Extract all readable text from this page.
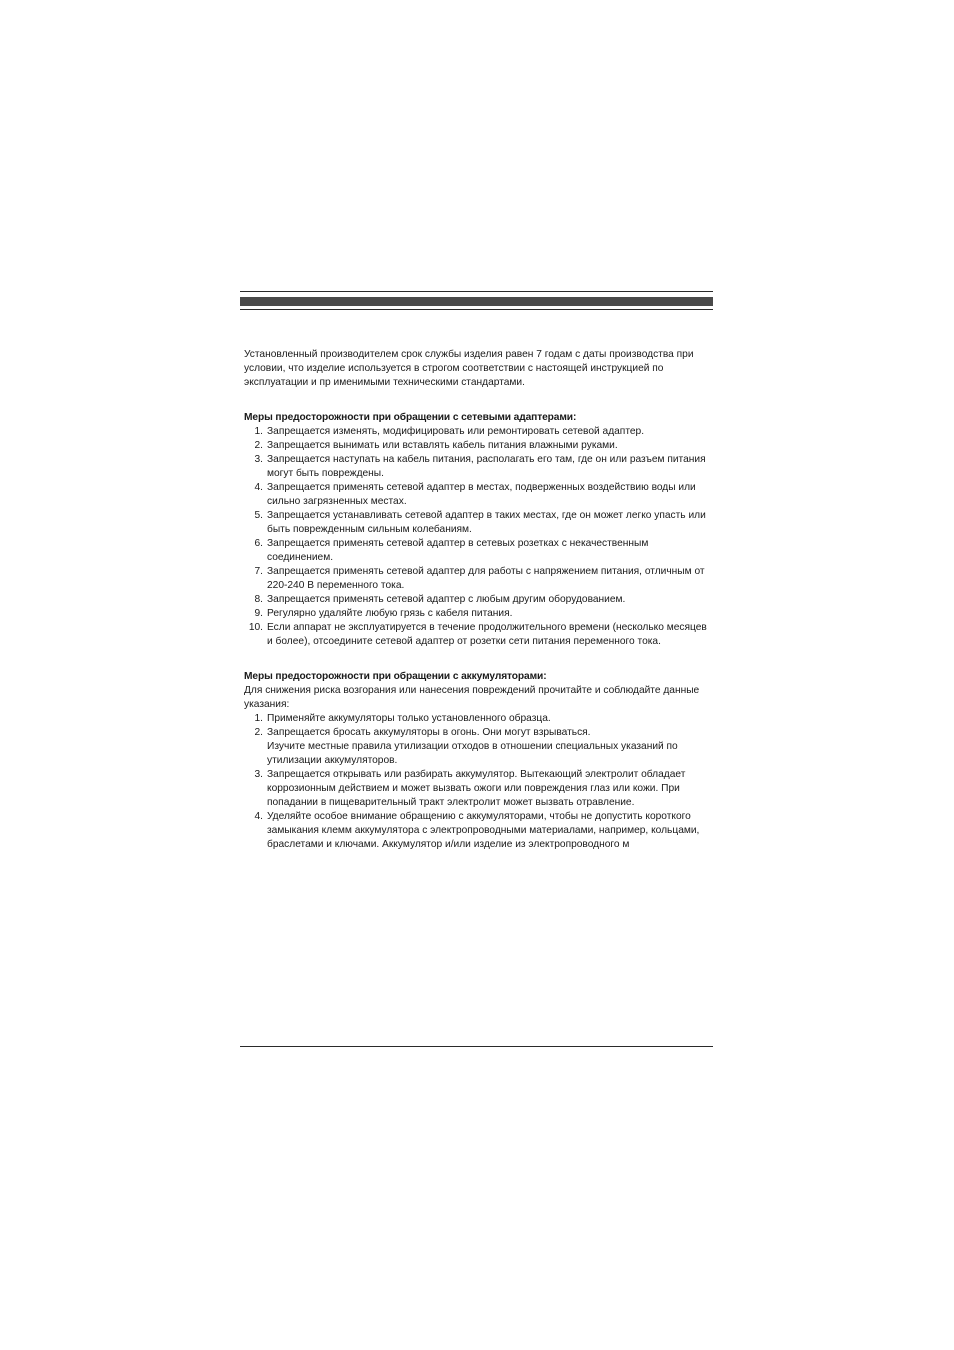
Установленный производителем срок службы изделия равен 7 годам с даты производства при условии, что изделие используется в строгом соответствии с настоящей инструкцией по эксплуатации и пр именимыми техническими стандартами.

Меры предосторожности при обращении с сетевыми адаптерами:

1. Запрещается изменять, модифицировать или ремонтировать сетевой адаптер.
2. Запрещается вынимать или вставлять кабель питания влажными руками.
3. Запрещается наступать на кабель питания, располагать его там, где он или разъем питания могут быть повреждены.
4. Запрещается применять сетевой адаптер в местах, подверженных воздействию воды или сильно загрязненных местах.
5. Запрещается устанавливать сетевой адаптер в таких местах, где он может легко упасть или быть поврежденным сильным колебаниям.
6. Запрещается применять сетевой адаптер в сетевых розетках с некачественным соединением.
7. Запрещается применять сетевой адаптер для работы с напряжением питания, отличным от 220-240 В переменного тока.
8. Запрещается применять сетевой адаптер с любым другим оборудованием.
9. Регулярно удаляйте любую грязь с кабеля питания.
10. Если аппарат не эксплуатируется в течение продолжительного времени (несколько месяцев и более), отсоедините сетевой адаптер от розетки сети питания переменного тока.

Меры предосторожности при обращении с аккумуляторами:

Для снижения риска возгорания или нанесения повреждений прочитайте и соблюдайте данные указания:

1. Применяйте аккумуляторы только установленного образца.
2. Запрещается бросать аккумуляторы в огонь. Они могут взрываться.
Изучите местные правила утилизации отходов в отношении специальных указаний по утилизации аккумуляторов.
3. Запрещается открывать или разбирать аккумулятор. Вытекающий электролит обладает коррозионным действием и может вызвать ожоги или повреждения глаз или кожи. При попадании в пищеварительный тракт электролит может вызвать отравление.
4. Уделяйте особое внимание обращению с аккумуляторами, чтобы не допустить короткого замыкания клемм аккумулятора с электропроводными материалами, например, кольцами, браслетами и ключами. Аккумулятор и/или изделие из электропроводного м
